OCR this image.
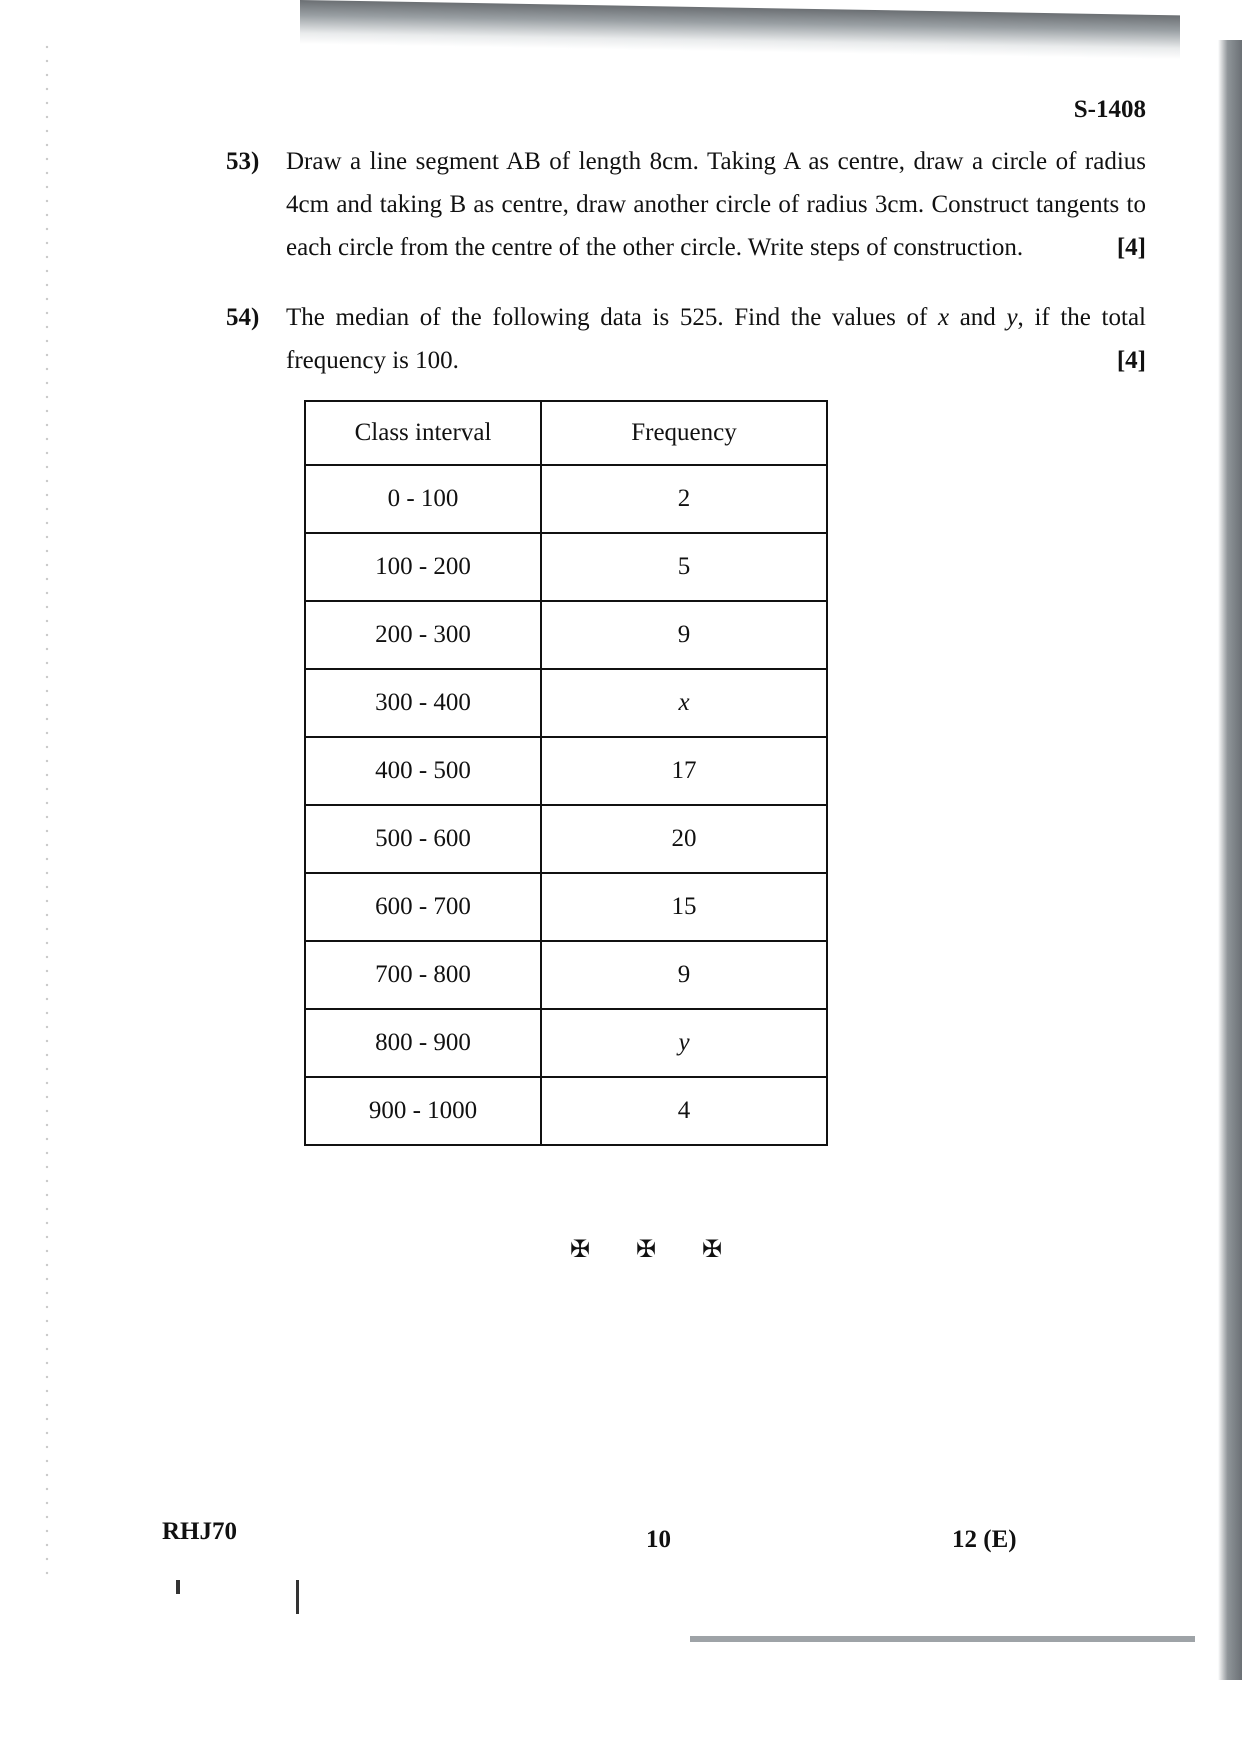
S-1408
53) Draw a line segment AB of length 8cm. Taking A as centre, draw a circle of radius 4cm and taking B as centre, draw another circle of radius 3cm. Construct tangents to each circle from the centre of the other circle. Write steps of construction.	[4]
54) The median of the following data is 525. Find the values of x and y, if the total frequency is 100.	[4]
Class interval	Frequency
0 - 100	2
100 - 200	5
200 - 300	9
300 - 400	x
400 - 500	17
500 - 600	20
600 - 700	15
700 - 800	9
800 - 900	y
900 - 1000	4
✠ ✠ ✠
RHJ70	10	12 (E)
